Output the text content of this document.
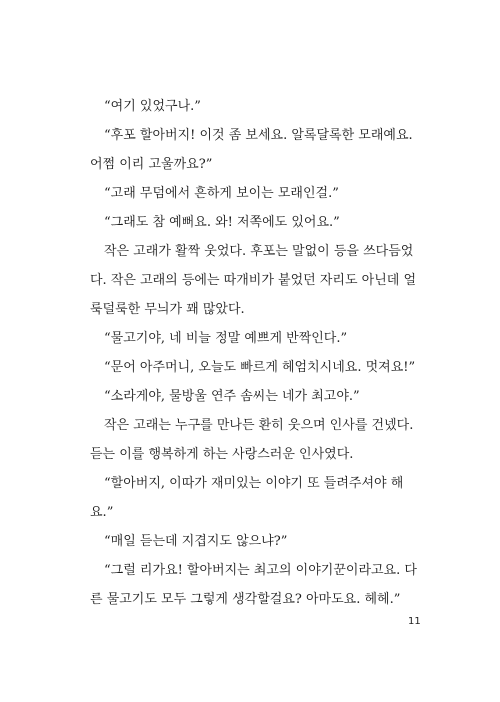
“여기 있었구나.”
“후포 할아버지! 이것 좀 보세요. 알록달록한 모래예요.
어쩜 이리 고울까요?”
“고래 무덤에서 흔하게 보이는 모래인걸.”
“그래도 참 예뻐요. 와! 저쪽에도 있어요.”
작은 고래가 활짝 웃었다. 후포는 말없이 등을 쓰다듬었
다. 작은 고래의 등에는 따개비가 붙었던 자리도 아닌데 얼
룩덜룩한 무늬가 꽤 많았다.
“물고기야, 네 비늘 정말 예쁘게 반짝인다.”
“문어 아주머니, 오늘도 빠르게 헤엄치시네요. 멋져요!”
“소라게야, 물방울 연주 솜씨는 네가 최고야.”
작은 고래는 누구를 만나든 환히 웃으며 인사를 건넸다.
듣는 이를 행복하게 하는 사랑스러운 인사였다.
“할아버지, 이따가 재미있는 이야기 또 들려주셔야 해
요.”
“매일 듣는데 지겹지도 않으냐?”
“그럴 리가요! 할아버지는 최고의 이야기꾼이라고요. 다
른 물고기도 모두 그렇게 생각할걸요? 아마도요. 헤헤.”
11
